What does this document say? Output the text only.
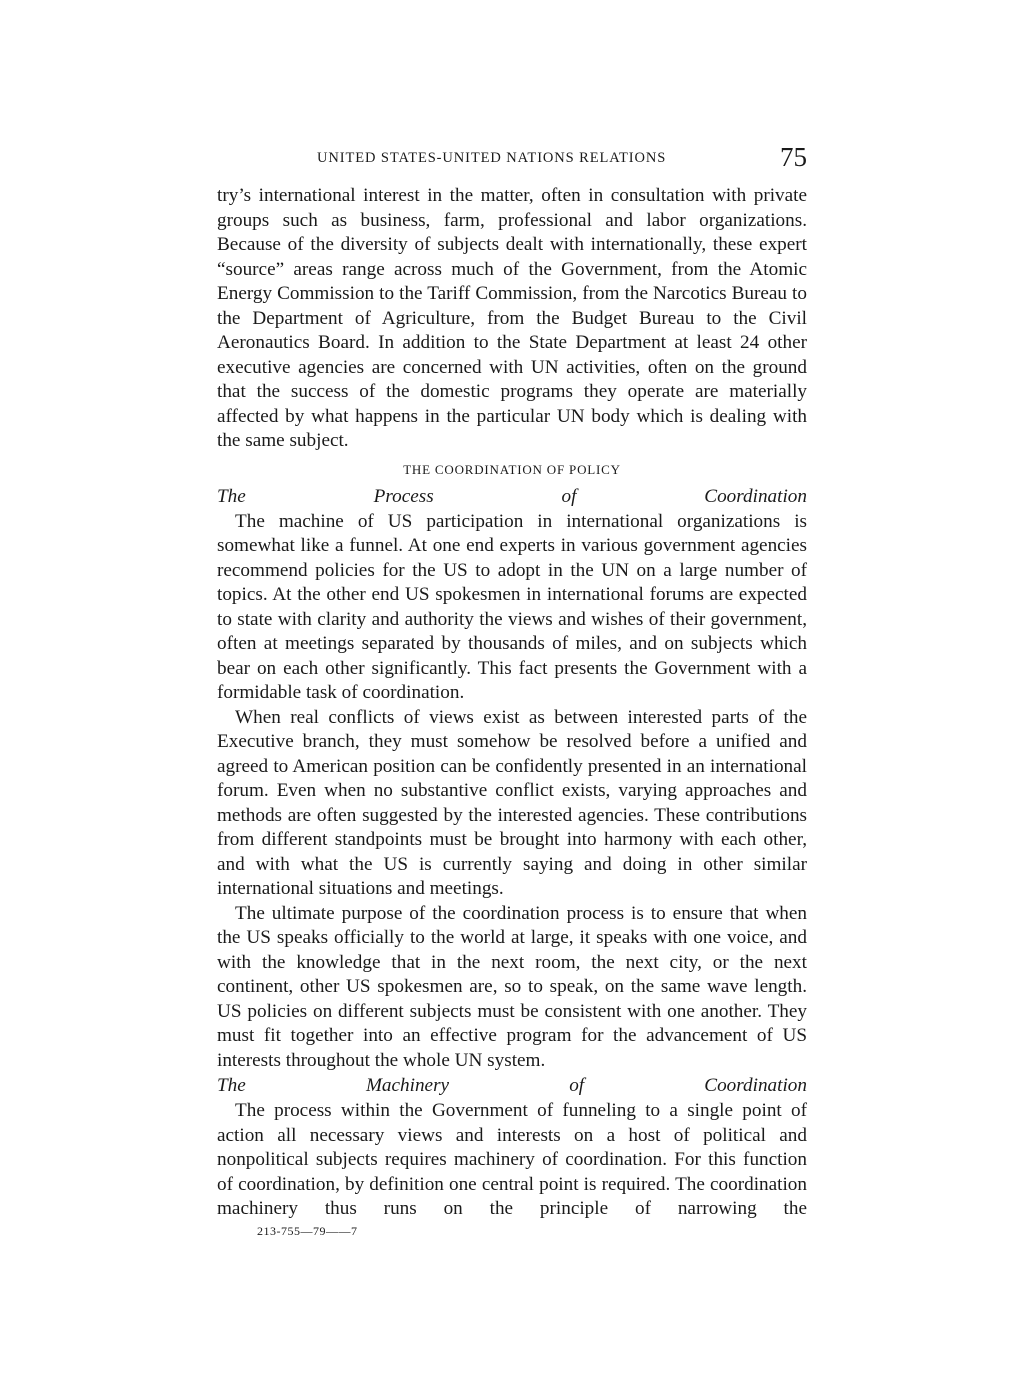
UNITED STATES-UNITED NATIONS RELATIONS	75

try’s international interest in the matter, often in consultation with private groups such as business, farm, professional and labor organizations. Because of the diversity of subjects dealt with internationally, these expert “source” areas range across much of the Government, from the Atomic Energy Commission to the Tariff Commission, from the Narcotics Bureau to the Department of Agriculture, from the Budget Bureau to the Civil Aeronautics Board. In addition to the State Department at least 24 other executive agencies are concerned with UN activities, often on the ground that the success of the domestic programs they operate are materially affected by what happens in the particular UN body which is dealing with the same subject.

THE COORDINATION OF POLICY

The Process of Coordination

The machine of US participation in international organizations is somewhat like a funnel. At one end experts in various government agencies recommend policies for the US to adopt in the UN on a large number of topics. At the other end US spokesmen in international forums are expected to state with clarity and authority the views and wishes of their government, often at meetings separated by thousands of miles, and on subjects which bear on each other significantly. This fact presents the Government with a formidable task of coordination.

When real conflicts of views exist as between interested parts of the Executive branch, they must somehow be resolved before a unified and agreed to American position can be confidently presented in an international forum. Even when no substantive conflict exists, varying approaches and methods are often suggested by the interested agencies. These contributions from different standpoints must be brought into harmony with each other, and with what the US is currently saying and doing in other similar international situations and meetings.

The ultimate purpose of the coordination process is to ensure that when the US speaks officially to the world at large, it speaks with one voice, and with the knowledge that in the next room, the next city, or the next continent, other US spokesmen are, so to speak, on the same wave length. US policies on different subjects must be consistent with one another. They must fit together into an effective program for the advancement of US interests throughout the whole UN system.

The Machinery of Coordination

The process within the Government of funneling to a single point of action all necessary views and interests on a host of political and nonpolitical subjects requires machinery of coordination. For this function of coordination, by definition one central point is required. The coordination machinery thus runs on the principle of narrowing the

213-755—79——7
